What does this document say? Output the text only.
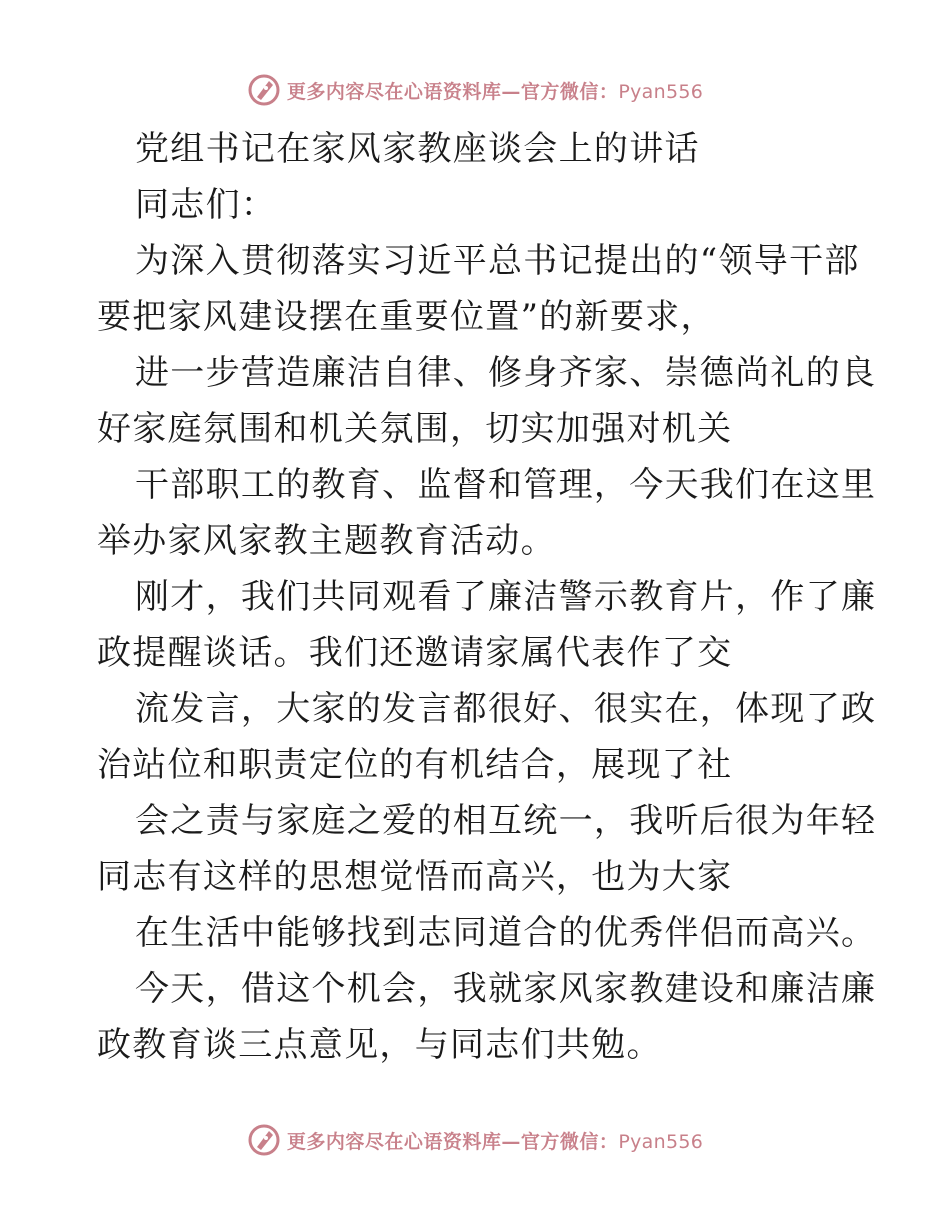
更多内容尽在心语资料库—官方微信：Pyan556
党组书记在家风家教座谈会上的讲话
同志们：
为深入贯彻落实习近平总书记提出的“领导干部
要把家风建设摆在重要位置”的新要求，
进一步营造廉洁自律、修身齐家、崇德尚礼的良
好家庭氛围和机关氛围，切实加强对机关
干部职工的教育、监督和管理，今天我们在这里
举办家风家教主题教育活动。
刚才，我们共同观看了廉洁警示教育片，作了廉
政提醒谈话。我们还邀请家属代表作了交
流发言，大家的发言都很好、很实在，体现了政
治站位和职责定位的有机结合，展现了社
会之责与家庭之爱的相互统一，我听后很为年轻
同志有这样的思想觉悟而高兴，也为大家
在生活中能够找到志同道合的优秀伴侣而高兴。
今天，借这个机会，我就家风家教建设和廉洁廉
政教育谈三点意见，与同志们共勉。
更多内容尽在心语资料库—官方微信：Pyan556
